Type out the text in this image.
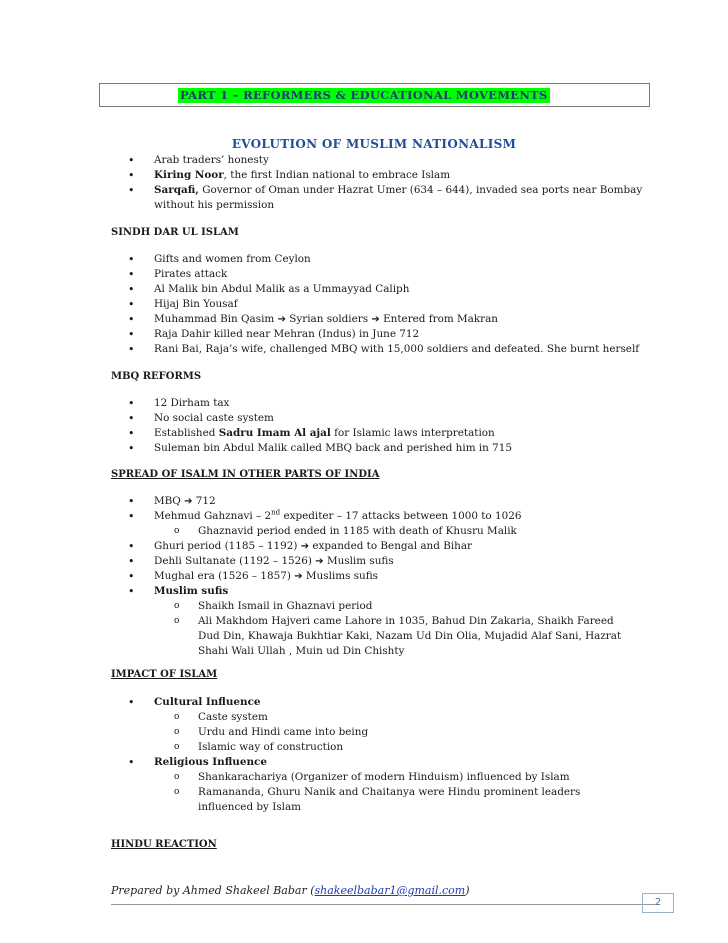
PART 1 – REFORMERS & EDUCATIONAL MOVEMENTS
EVOLUTION OF MUSLIM NATIONALISM
• Arab traders’ honesty
• Kiring Noor, the first Indian national to embrace Islam
• Sarqafi, Governor of Oman under Hazrat Umer (634 – 644), invaded sea ports near Bombay without his permission
SINDH DAR UL ISLAM
• Gifts and women from Ceylon
• Pirates attack
• Al Malik bin Abdul Malik as a Ummayyad Caliph
• Hijaj Bin Yousaf
• Muhammad Bin Qasim ➔ Syrian soldiers ➔ Entered from Makran
• Raja Dahir killed near Mehran (Indus) in June 712
• Rani Bai, Raja’s wife, challenged MBQ with 15,000 soldiers and defeated. She burnt herself
MBQ REFORMS
• 12 Dirham tax
• No social caste system
• Established Sadru Imam Al ajal for Islamic laws interpretation
• Suleman bin Abdul Malik called MBQ back and perished him in 715
SPREAD OF ISALM IN OTHER PARTS OF INDIA
• MBQ ➔ 712
• Mehmud Gahznavi – 2nd expediter – 17 attacks between 1000 to 1026
o Ghaznavid period ended in 1185 with death of Khusru Malik
• Ghuri period (1185 – 1192) ➔ expanded to Bengal and Bihar
• Dehli Sultanate (1192 – 1526) ➔ Muslim sufis
• Mughal era (1526 – 1857) ➔ Muslims sufis
• Muslim sufis
o Shaikh Ismail in Ghaznavi period
o Ali Makhdom Hajveri came Lahore in 1035, Bahud Din Zakaria, Shaikh Fareed Dud Din, Khawaja Bukhtiar Kaki, Nazam Ud Din Olia, Mujadid Alaf Sani, Hazrat Shahi Wali Ullah , Muin ud Din Chishty
IMPACT OF ISLAM
• Cultural Influence
o Caste system
o Urdu and Hindi came into being
o Islamic way of construction
• Religious Influence
o Shankarachariya (Organizer of modern Hinduism) influenced by Islam
o Ramananda, Ghuru Nanik and Chaitanya were Hindu prominent leaders influenced by Islam
HINDU REACTION
Prepared by Ahmed Shakeel Babar (shakeelbabar1@gmail.com)
2
